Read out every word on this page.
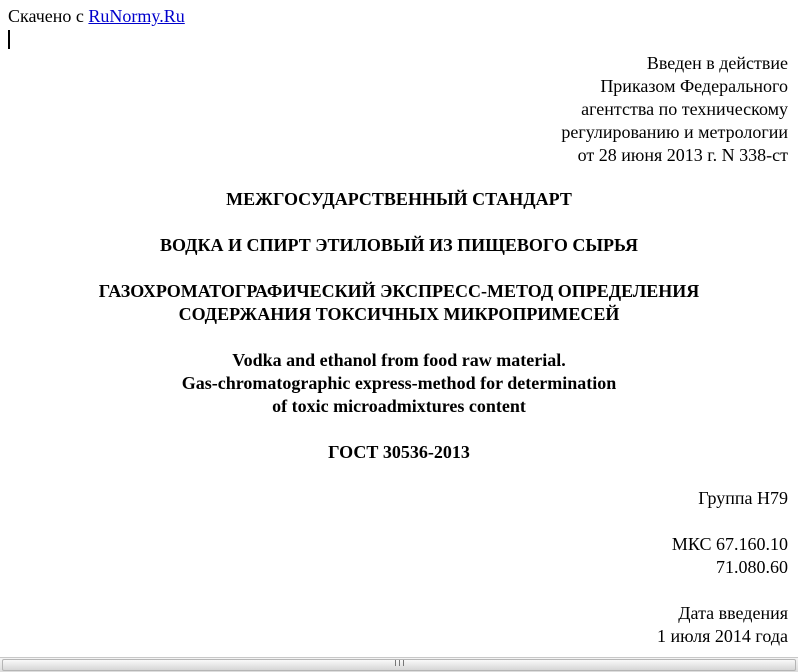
Скачено с RuNormy.Ru
Введен в действие
Приказом Федерального
агентства по техническому
регулированию и метрологии
от 28 июня 2013 г. N 338-ст
МЕЖГОСУДАРСТВЕННЫЙ СТАНДАРТ
ВОДКА И СПИРТ ЭТИЛОВЫЙ ИЗ ПИЩЕВОГО СЫРЬЯ
ГАЗОХРОМАТОГРАФИЧЕСКИЙ ЭКСПРЕСС-МЕТОД ОПРЕДЕЛЕНИЯ
СОДЕРЖАНИЯ ТОКСИЧНЫХ МИКРОПРИМЕСЕЙ
Vodka and ethanol from food raw material.
Gas-chromatographic express-method for determination
of toxic microadmixtures content
ГОСТ 30536-2013
Группа Н79
МКС 67.160.10
71.080.60
Дата введения
1 июля 2014 года
